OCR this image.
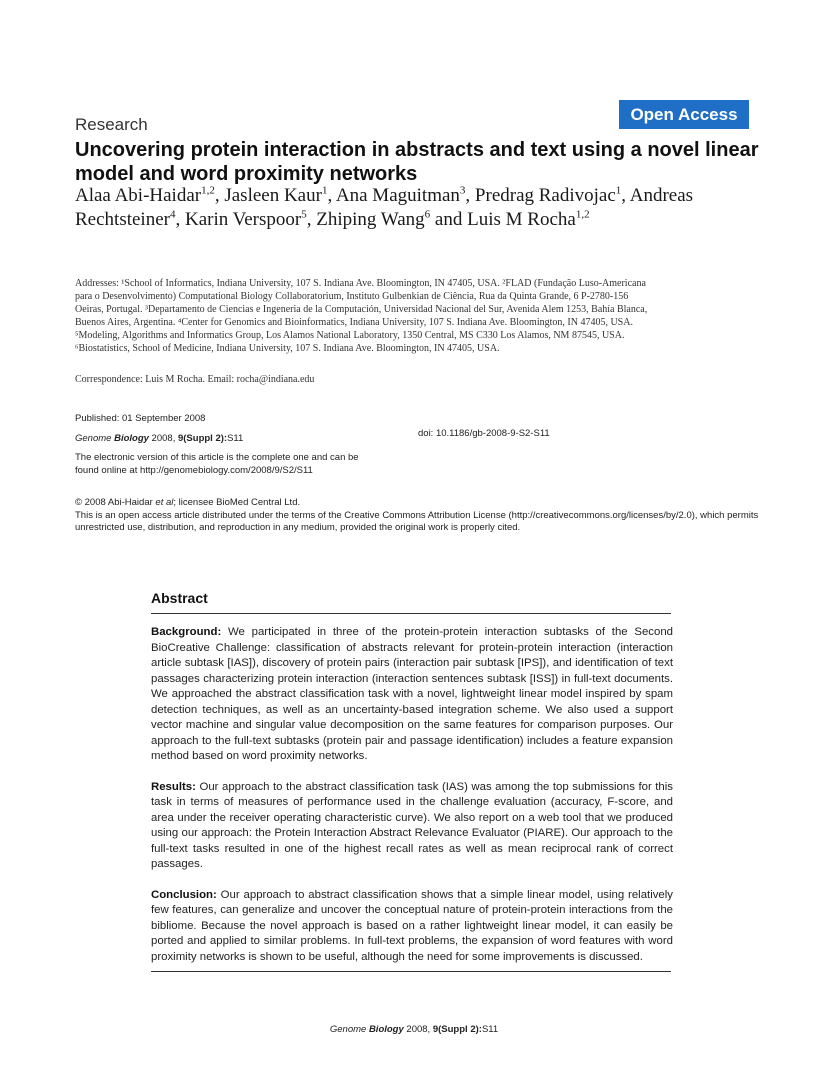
Research
Open Access
Uncovering protein interaction in abstracts and text using a novel linear model and word proximity networks
Alaa Abi-Haidar$^{1,2}$, Jasleen Kaur$^1$, Ana Maguitman$^3$, Predrag Radivojac$^1$, Andreas Rechtsteiner$^4$, Karin Verspoor$^5$, Zhiping Wang$^6$ and Luis M Rocha$^{1,2}$
Addresses: ¹School of Informatics, Indiana University, 107 S. Indiana Ave. Bloomington, IN 47405, USA. ²FLAD (Fundação Luso-Americana
para o Desenvolvimento) Computational Biology Collaboratorium, Instituto Gulbenkian de Ciência, Rua da Quinta Grande, 6 P-2780-156
Oeiras, Portugal. ³Departamento de Ciencias e Ingeneria de la Computación, Universidad Nacional del Sur, Avenida Alem 1253, Bahía Blanca,
Buenos Aires, Argentina. ⁴Center for Genomics and Bioinformatics, Indiana University, 107 S. Indiana Ave. Bloomington, IN 47405, USA.
⁵Modeling, Algorithms and Informatics Group, Los Alamos National Laboratory, 1350 Central, MS C330 Los Alamos, NM 87545, USA.
⁶Biostatistics, School of Medicine, Indiana University, 107 S. Indiana Ave. Bloomington, IN 47405, USA.
Correspondence: Luis M Rocha. Email: rocha@indiana.edu
Published: 01 September 2008
Genome Biology 2008, 9(Suppl 2):S11
The electronic version of this article is the complete one and can be
found online at http://genomebiology.com/2008/9/S2/S11
doi: 10.1186/gb-2008-9-S2-S11
© 2008 Abi-Haidar et al; licensee BioMed Central Ltd.
This is an open access article distributed under the terms of the Creative Commons Attribution License (http://creativecommons.org/licenses/by/2.0), which permits unrestricted use, distribution, and reproduction in any medium, provided the original work is properly cited.
Abstract

Background: We participated in three of the protein-protein interaction subtasks of the Second BioCreative Challenge: classification of abstracts relevant for protein-protein interaction (interaction article subtask [IAS]), discovery of protein pairs (interaction pair subtask [IPS]), and identification of text passages characterizing protein interaction (interaction sentences subtask [ISS]) in full-text documents. We approached the abstract classification task with a novel, lightweight linear model inspired by spam detection techniques, as well as an uncertainty-based integration scheme. We also used a support vector machine and singular value decomposition on the same features for comparison purposes. Our approach to the full-text subtasks (protein pair and passage identification) includes a feature expansion method based on word proximity networks.

Results: Our approach to the abstract classification task (IAS) was among the top submissions for this task in terms of measures of performance used in the challenge evaluation (accuracy, F-score, and area under the receiver operating characteristic curve). We also report on a web tool that we produced using our approach: the Protein Interaction Abstract Relevance Evaluator (PIARE). Our approach to the full-text tasks resulted in one of the highest recall rates as well as mean reciprocal rank of correct passages.

Conclusion: Our approach to abstract classification shows that a simple linear model, using relatively few features, can generalize and uncover the conceptual nature of protein-protein interactions from the bibliome. Because the novel approach is based on a rather lightweight linear model, it can easily be ported and applied to similar problems. In full-text problems, the expansion of word features with word proximity networks is shown to be useful, although the need for some improvements is discussed.

Genome Biology 2008, 9(Suppl 2):S11
